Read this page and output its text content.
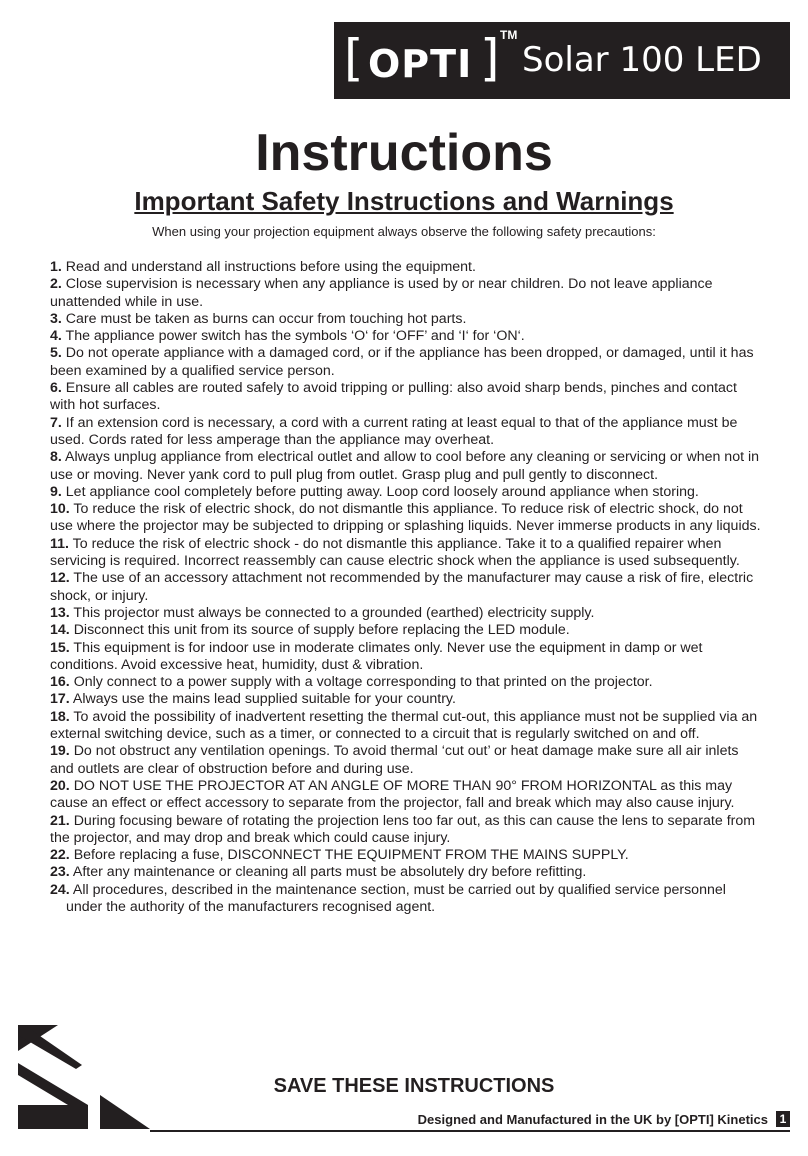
[ OPTI ] TM
Solar 100 LED
Instructions
Important Safety Instructions and Warnings
When using your projection equipment always observe the following safety precautions:

1. Read and understand all instructions before using the equipment.

2. Close supervision is necessary when any appliance is used by or near children. Do not leave appliance unattended while in use.

3. Care must be taken as burns can occur from touching hot parts.

4. The appliance power switch has the symbols ‘O‘ for ‘OFF’ and ‘I‘ for ‘ON‘.

5. Do not operate appliance with a damaged cord, or if the appliance has been dropped, or damaged, until it has been examined by a qualified service person.

6. Ensure all cables are routed safely to avoid tripping or pulling: also avoid sharp bends, pinches and contact with hot surfaces.

7. If an extension cord is necessary, a cord with a current rating at least equal to that of the appliance must be used. Cords rated for less amperage than the appliance may overheat.

8. Always unplug appliance from electrical outlet and allow to cool before any cleaning or servicing or when not in use or moving. Never yank cord to pull plug from outlet. Grasp plug and pull gently to disconnect.

9. Let appliance cool completely before putting away. Loop cord loosely around appliance when storing.

10. To reduce the risk of electric shock, do not dismantle this appliance. To reduce risk of electric shock, do not use where the projector may be subjected to dripping or splashing liquids. Never immerse products in any liquids.

11. To reduce the risk of electric shock - do not dismantle this appliance. Take it to a qualified repairer when servicing is required. Incorrect reassembly can cause electric shock when the appliance is used subsequently.

12. The use of an accessory attachment not recommended by the manufacturer may cause a risk of fire, electric shock, or injury.

13. This projector must always be connected to a grounded (earthed) electricity supply.

14. Disconnect this unit from its source of supply before replacing the LED module.

15. This equipment is for indoor use in moderate climates only. Never use the equipment in damp or wet conditions. Avoid excessive heat, humidity, dust & vibration.

16. Only connect to a power supply with a voltage corresponding to that printed on the projector.

17. Always use the mains lead supplied suitable for your country.

18. To avoid the possibility of inadvertent resetting the thermal cut-out, this appliance must not be supplied via an external switching device, such as a timer, or connected to a circuit that is regularly switched on and off.

19. Do not obstruct any ventilation openings. To avoid thermal ‘cut out’ or heat damage make sure all air inlets and outlets are clear of obstruction before and during use.

20. DO NOT USE THE PROJECTOR AT AN ANGLE OF MORE THAN 90° FROM HORIZONTAL as this may cause an effect or effect accessory to separate from the projector, fall and break which may also cause injury.

21. During focusing beware of rotating the projection lens too far out, as this can cause the lens to separate from the projector, and may drop and break which could cause injury.

22. Before replacing a fuse, DISCONNECT THE EQUIPMENT FROM THE MAINS SUPPLY.

23. After any maintenance or cleaning all parts must be absolutely dry before refitting.

24. All procedures, described in the maintenance section, must be carried out by qualified service personnel under the authority of the manufacturers recognised agent.

SAVE THESE INSTRUCTIONS
Designed and Manufactured in the UK by [OPTI] Kinetics 1
